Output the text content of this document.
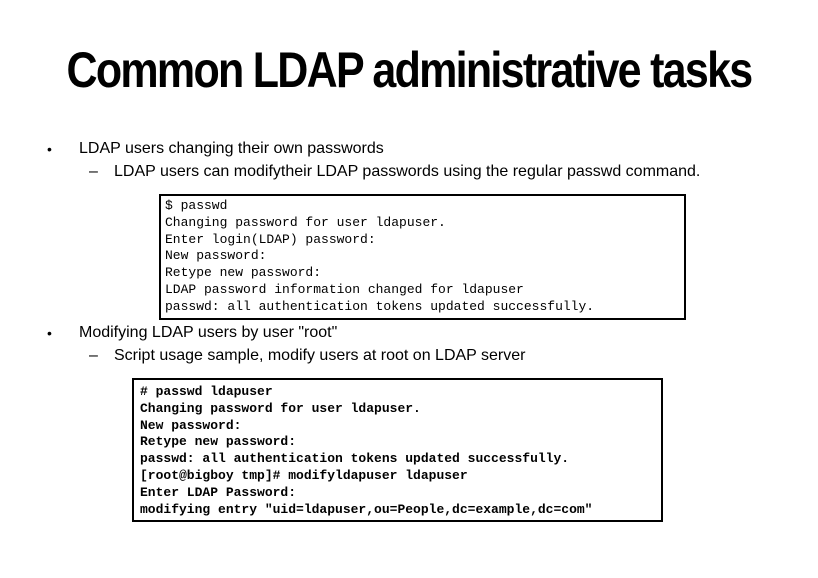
Common LDAP administrative tasks
• LDAP users changing their own passwords
– LDAP users can modifytheir LDAP passwords using the regular passwd command.
$ passwd
Changing password for user ldapuser.
Enter login(LDAP) password:
New password:
Retype new password:
LDAP password information changed for ldapuser
passwd: all authentication tokens updated successfully.
• Modifying LDAP users by user "root"
– Script usage sample, modify users at root on LDAP server
# passwd ldapuser
Changing password for user ldapuser.
New password:
Retype new password:
passwd: all authentication tokens updated successfully.
[root@bigboy tmp]# modifyldapuser ldapuser
Enter LDAP Password:
modifying entry "uid=ldapuser,ou=People,dc=example,dc=com"
